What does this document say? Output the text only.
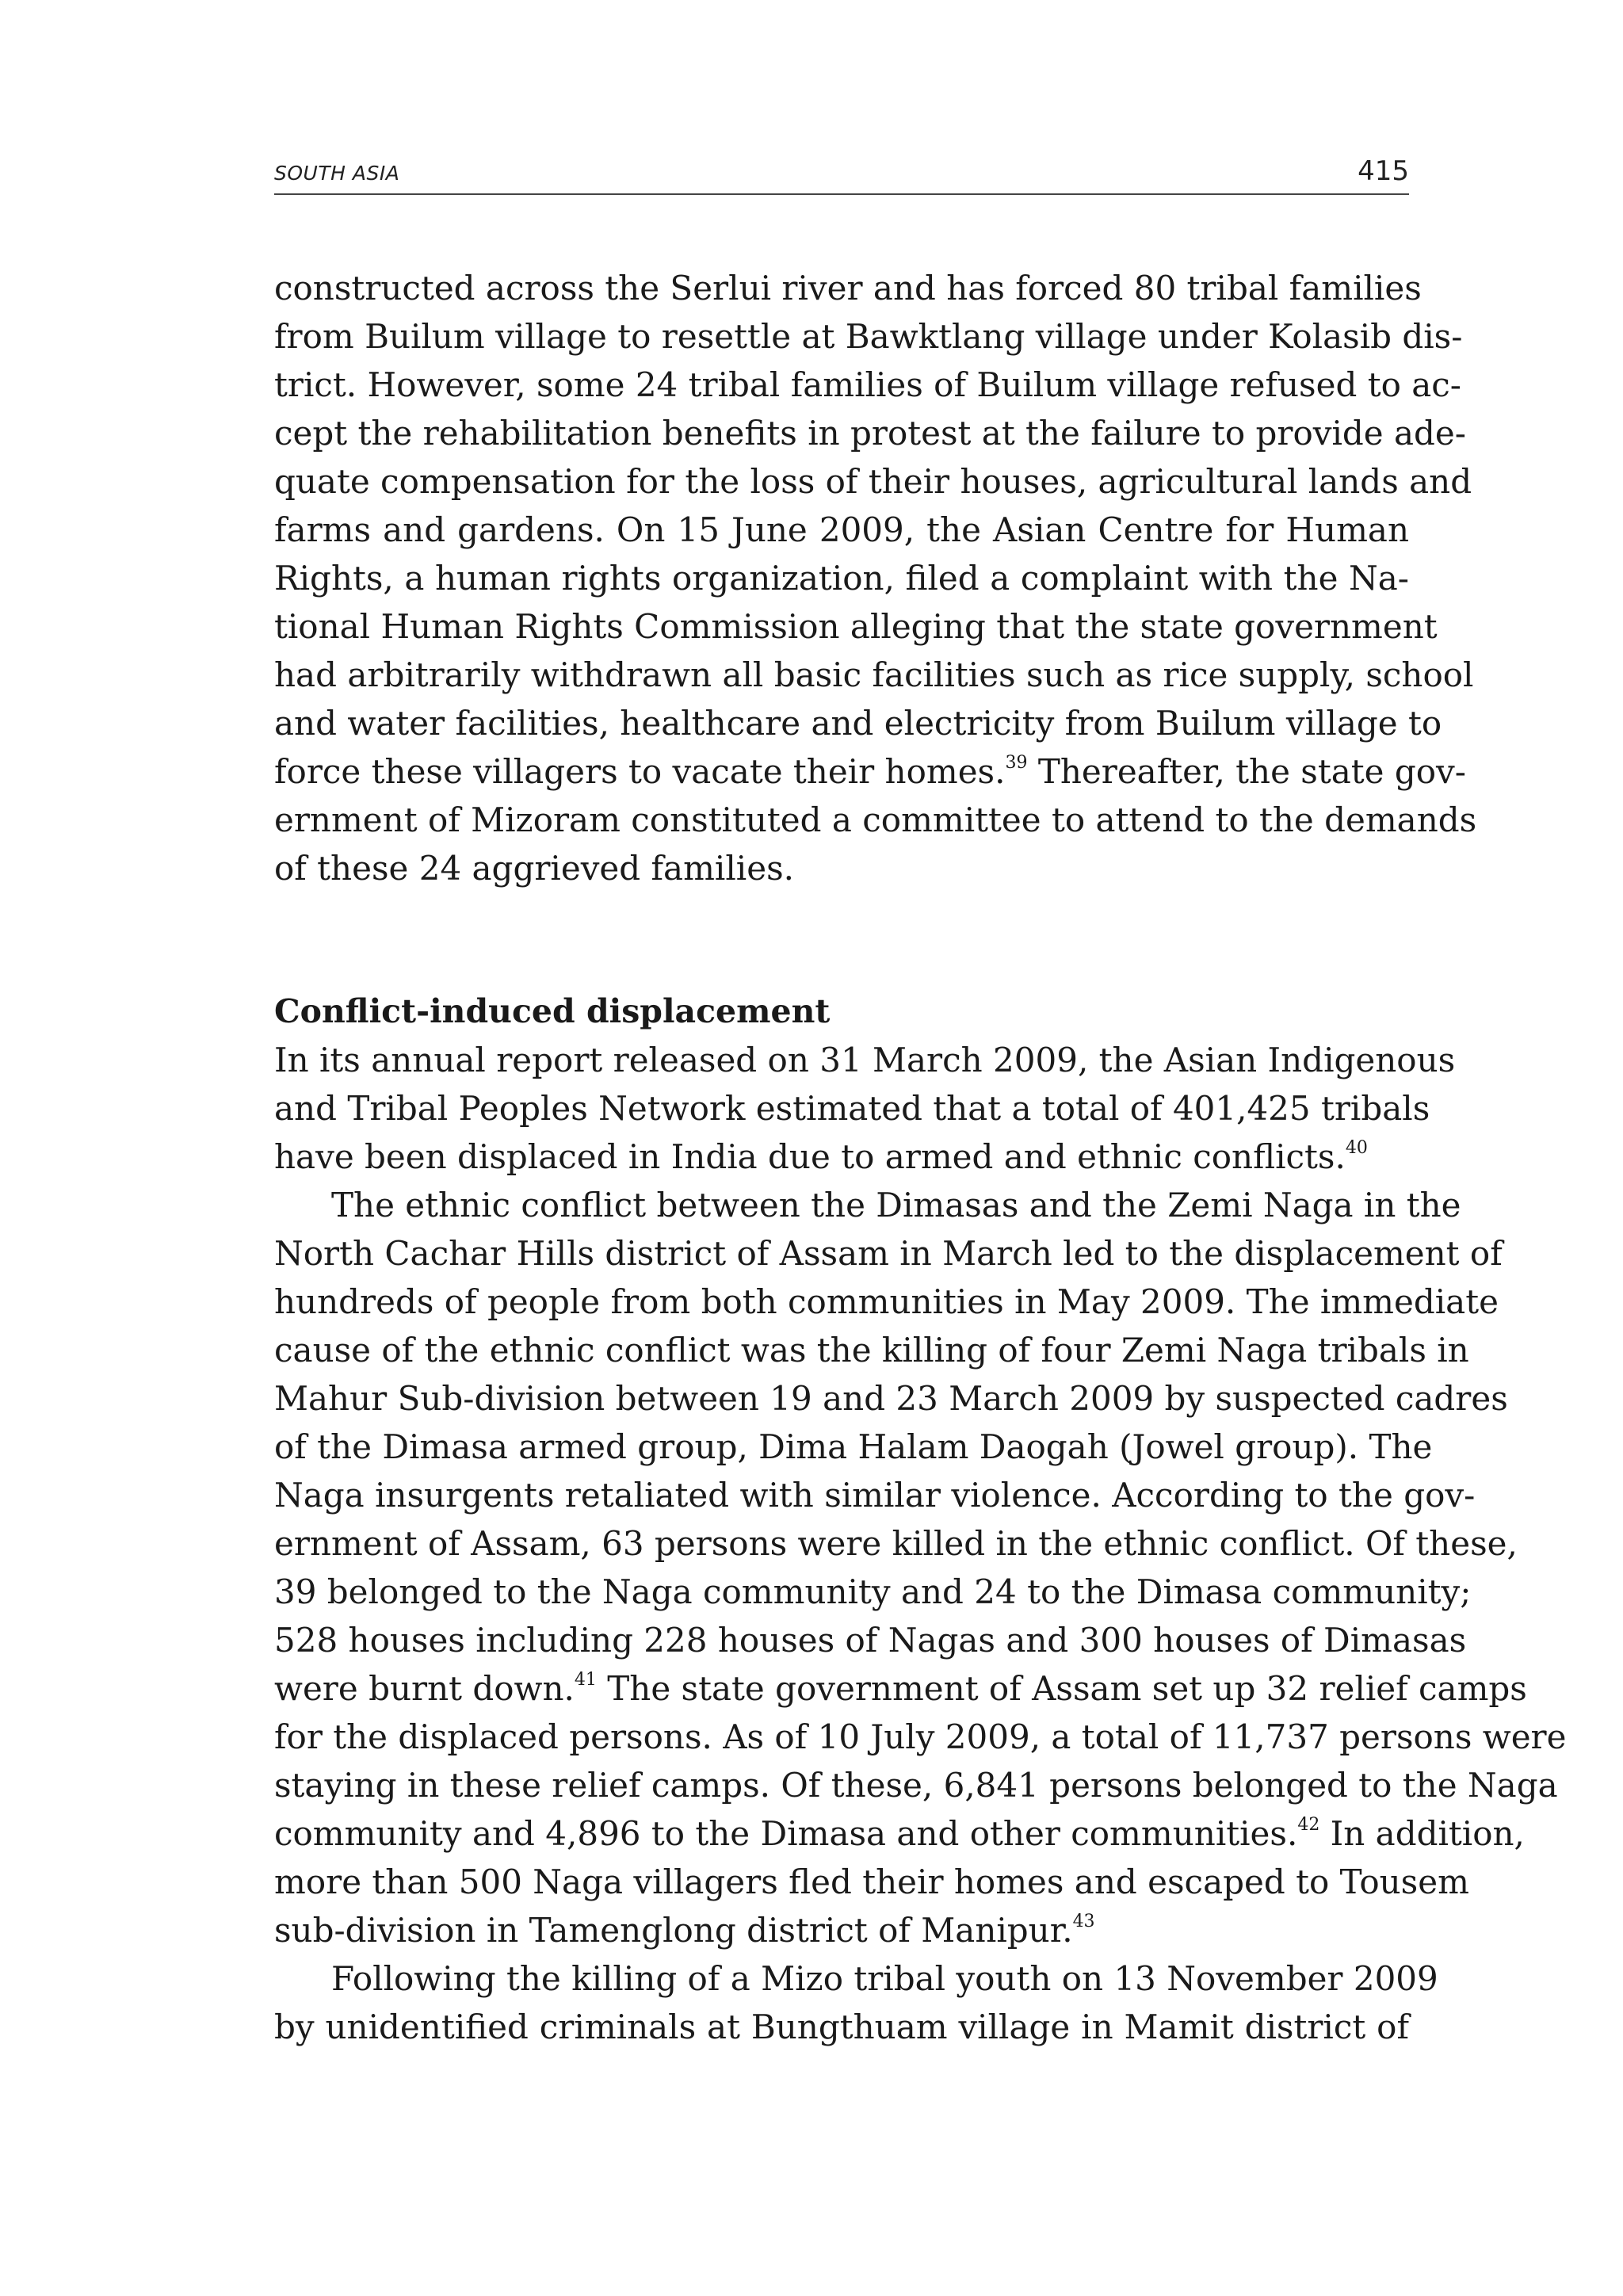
SOUTH ASIA	415
constructed across the Serlui river and has forced 80 tribal families
from Builum village to resettle at Bawktlang village under Kolasib dis-
trict. However, some 24 tribal families of Builum village refused to ac-
cept the rehabilitation benefits in protest at the failure to provide ade-
quate compensation for the loss of their houses, agricultural lands and
farms and gardens. On 15 June 2009, the Asian Centre for Human
Rights, a human rights organization, filed a complaint with the Na-
tional Human Rights Commission alleging that the state government
had arbitrarily withdrawn all basic facilities such as rice supply, school
and water facilities, healthcare and electricity from Builum village to
force these villagers to vacate their homes.$^{39}$ Thereafter, the state gov-
ernment of Mizoram constituted a committee to attend to the demands
of these 24 aggrieved families.
Conflict-induced displacement
In its annual report released on 31 March 2009, the Asian Indigenous
and Tribal Peoples Network estimated that a total of 401,425 tribals
have been displaced in India due to armed and ethnic conflicts.$^{40}$
The ethnic conflict between the Dimasas and the Zemi Naga in the
North Cachar Hills district of Assam in March led to the displacement of
hundreds of people from both communities in May 2009. The immediate
cause of the ethnic conflict was the killing of four Zemi Naga tribals in
Mahur Sub-division between 19 and 23 March 2009 by suspected cadres
of the Dimasa armed group, Dima Halam Daogah (Jowel group). The
Naga insurgents retaliated with similar violence. According to the gov-
ernment of Assam, 63 persons were killed in the ethnic conflict. Of these,
39 belonged to the Naga community and 24 to the Dimasa community;
528 houses including 228 houses of Nagas and 300 houses of Dimasas
were burnt down.$^{41}$ The state government of Assam set up 32 relief camps
for the displaced persons. As of 10 July 2009, a total of 11,737 persons were
staying in these relief camps. Of these, 6,841 persons belonged to the Naga
community and 4,896 to the Dimasa and other communities.$^{42}$ In addition,
more than 500 Naga villagers fled their homes and escaped to Tousem
sub-division in Tamenglong district of Manipur.$^{43}$
Following the killing of a Mizo tribal youth on 13 November 2009
by unidentified criminals at Bungthuam village in Mamit district of
